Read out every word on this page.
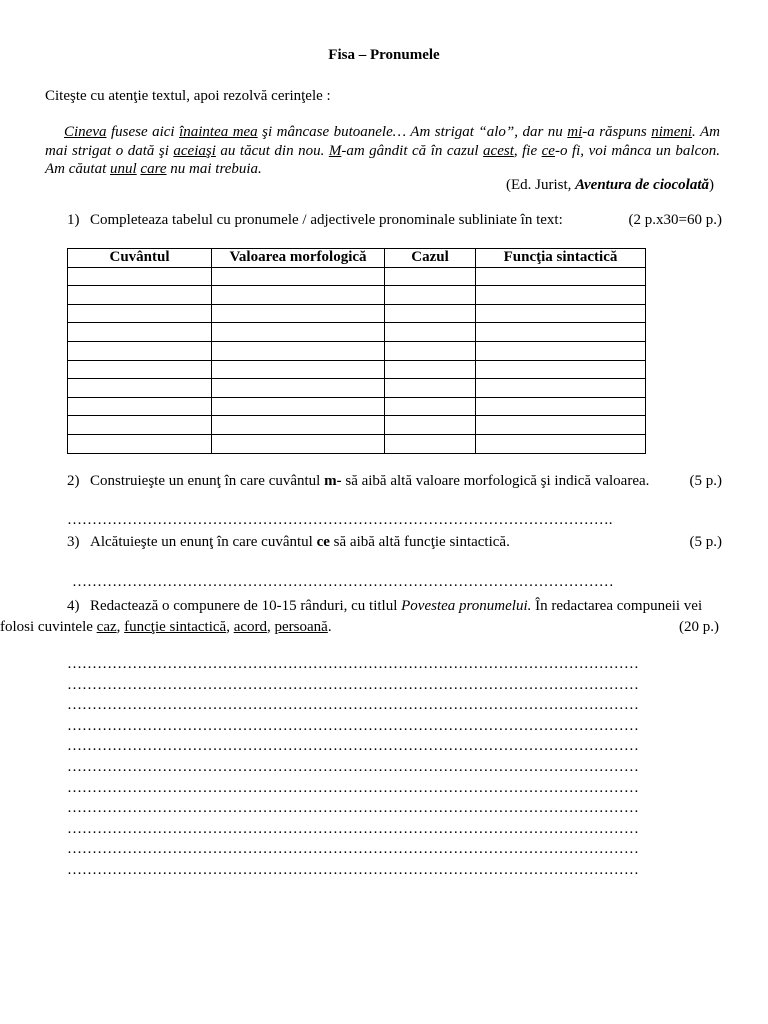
Fisa – Pronumele
Citeşte cu atenţie textul, apoi rezolvă cerinţele :
Cineva fusese aici înaintea mea şi mâncase butoanele… Am strigat “alo”, dar nu mi-a răspuns nimeni. Am mai strigat o dată şi aceiaşi au tăcut din nou. M-am gândit că în cazul acest, fie ce-o fi, voi mânca un balcon. Am căutat unul care nu mai trebuia.
(Ed. Jurist, Aventura de ciocolată)
1) Completeaza tabelul cu pronumele / adjectivele pronominale subliniate în text:	(2 p.x30=60 p.)
Cuvântul	Valoarea morfologică	Cazul	Funcţia sintactică

2) Construieşte un enunţ în care cuvântul m- să aibă altă valoare morfologică şi indică valoarea.	(5 p.)
……………………………………………………………………………………………….
3) Alcătuieşte un enunţ în care cuvântul ce să aibă altă funcţie sintactică.	(5 p.)
………………………………………………………………………………………………
4) Redactează o compunere de 10-15 rânduri, cu titlul Povestea pronumelui. În redactarea compuneii vei
folosi cuvintele caz, funcţie sintactică, acord, persoană.	(20 p.)
……………………………………………………………………………………………………
……………………………………………………………………………………………………
……………………………………………………………………………………………………
……………………………………………………………………………………………………
……………………………………………………………………………………………………
……………………………………………………………………………………………………
……………………………………………………………………………………………………
……………………………………………………………………………………………………
……………………………………………………………………………………………………
……………………………………………………………………………………………………
……………………………………………………………………………………………………
